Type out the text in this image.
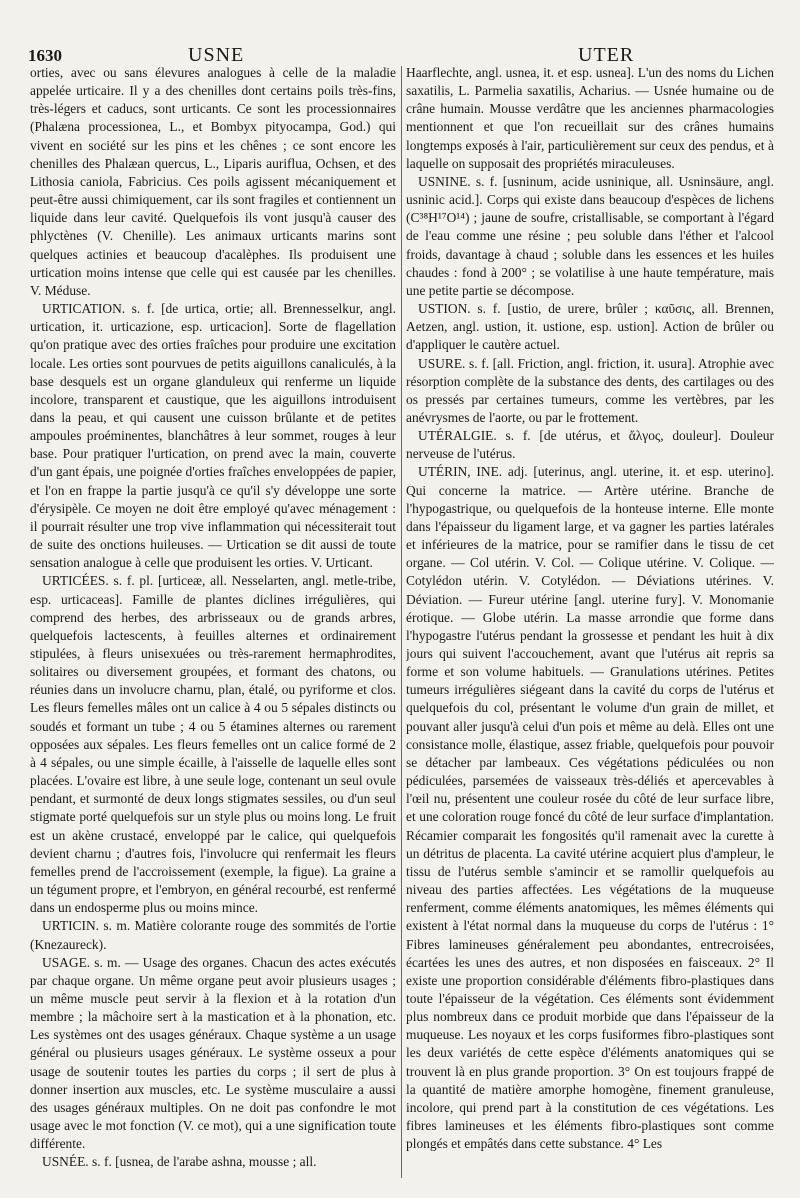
1630	USNE	UTER

orties, avec ou sans élevures analogues à celle de la maladie appelée urticaire. Il y a des chenilles dont certains poils très-fins, très-légers et caducs, sont urticants. Ce sont les processionnaires (Phalæna processionea, L., et Bombyx pityocampa, God.) qui vivent en société sur les pins et les chênes ; ce sont encore les chenilles des Phalæan quercus, L., Liparis auriflua, Ochsen, et des Lithosia caniola, Fabricius. Ces poils agissent mécaniquement et peut-être aussi chimiquement, car ils sont fragiles et contiennent un liquide dans leur cavité. Quelquefois ils vont jusqu'à causer des phlyctènes (V. Chenille). Les animaux urticants marins sont quelques actinies et beaucoup d'acalèphes. Ils produisent une urtication moins intense que celle qui est causée par les chenilles. V. Méduse.

URTICATION. s. f. [de urtica, ortie; all. Brennesselkur, angl. urtication, it. urticazione, esp. urticacion]. Sorte de flagellation qu'on pratique avec des orties fraîches pour produire une excitation locale. Les orties sont pourvues de petits aiguillons canaliculés, à la base desquels est un organe glanduleux qui renferme un liquide incolore, transparent et caustique, que les aiguillons introduisent dans la peau, et qui causent une cuisson brûlante et de petites ampoules proéminentes, blanchâtres à leur sommet, rouges à leur base. Pour pratiquer l'urtication, on prend avec la main, couverte d'un gant épais, une poignée d'orties fraîches enveloppées de papier, et l'on en frappe la partie jusqu'à ce qu'il s'y développe une sorte d'érysipèle. Ce moyen ne doit être employé qu'avec ménagement : il pourrait résulter une trop vive inflammation qui nécessiterait tout de suite des onctions huileuses. — Urtication se dit aussi de toute sensation analogue à celle que produisent les orties. V. Urticant.

URTICÉES. s. f. pl. [urticeæ, all. Nesselarten, angl. metle-tribe, esp. urticaceas]. Famille de plantes diclines irrégulières, qui comprend des herbes, des arbrisseaux ou de grands arbres, quelquefois lactescents, à feuilles alternes et ordinairement stipulées, à fleurs unisexuées ou très-rarement hermaphrodites, solitaires ou diversement groupées, et formant des chatons, ou réunies dans un involucre charnu, plan, étalé, ou pyriforme et clos. Les fleurs femelles mâles ont un calice à 4 ou 5 sépales distincts ou soudés et formant un tube ; 4 ou 5 étamines alternes ou rarement opposées aux sépales. Les fleurs femelles ont un calice formé de 2 à 4 sépales, ou une simple écaille, à l'aisselle de laquelle elles sont placées. L'ovaire est libre, à une seule loge, contenant un seul ovule pendant, et surmonté de deux longs stigmates sessiles, ou d'un seul stigmate porté quelquefois sur un style plus ou moins long. Le fruit est un akène crustacé, enveloppé par le calice, qui quelquefois devient charnu ; d'autres fois, l'involucre qui renfermait les fleurs femelles prend de l'accroissement (exemple, la figue). La graine a un tégument propre, et l'embryon, en général recourbé, est renfermé dans un endosperme plus ou moins mince.

URTICIN. s. m. Matière colorante rouge des sommités de l'ortie (Knezaureck).

USAGE. s. m. — Usage des organes. Chacun des actes exécutés par chaque organe. Un même organe peut avoir plusieurs usages ; un même muscle peut servir à la flexion et à la rotation d'un membre ; la mâchoire sert à la mastication et à la phonation, etc. Les systèmes ont des usages généraux. Chaque système a un usage général ou plusieurs usages généraux. Le système osseux a pour usage de soutenir toutes les parties du corps ; il sert de plus à donner insertion aux muscles, etc. Le système musculaire a aussi des usages généraux multiples. On ne doit pas confondre le mot usage avec le mot fonction (V. ce mot), qui a une signification toute différente.

USNÉE. s. f. [usnea, de l'arabe ashna, mousse ; all.

Haarflechte, angl. usnea, it. et esp. usnea]. L'un des noms du Lichen saxatilis, L. Parmelia saxatilis, Acharius. — Usnée humaine ou de crâne humain. Mousse verdâtre que les anciennes pharmacologies mentionnent et que l'on recueillait sur des crânes humains longtemps exposés à l'air, particulièrement sur ceux des pendus, et à laquelle on supposait des propriétés miraculeuses.

USNINE. s. f. [usninum, acide usninique, all. Usninsäure, angl. usninic acid.]. Corps qui existe dans beaucoup d'espèces de lichens (C³⁸H¹⁷O¹⁴) ; jaune de soufre, cristallisable, se comportant à l'égard de l'eau comme une résine ; peu soluble dans l'éther et l'alcool froids, davantage à chaud ; soluble dans les essences et les huiles chaudes : fond à 200° ; se volatilise à une haute température, mais une petite partie se décompose.

USTION. s. f. [ustio, de urere, brûler ; καῦσις, all. Brennen, Aetzen, angl. ustion, it. ustione, esp. ustion]. Action de brûler ou d'appliquer le cautère actuel.

USURE. s. f. [all. Friction, angl. friction, it. usura]. Atrophie avec résorption complète de la substance des dents, des cartilages ou des os pressés par certaines tumeurs, comme les vertèbres, par les anévrysmes de l'aorte, ou par le frottement.

UTÉRALGIE. s. f. [de utérus, et ἄλγος, douleur]. Douleur nerveuse de l'utérus.

UTÉRIN, INE. adj. [uterinus, angl. uterine, it. et esp. uterino]. Qui concerne la matrice. — Artère utérine. Branche de l'hypogastrique, ou quelquefois de la honteuse interne. Elle monte dans l'épaisseur du ligament large, et va gagner les parties latérales et inférieures de la matrice, pour se ramifier dans le tissu de cet organe. — Col utérin. V. Col. — Colique utérine. V. Colique. — Cotylédon utérin. V. Cotylédon. — Déviations utérines. V. Déviation. — Fureur utérine [angl. uterine fury]. V. Monomanie érotique. — Globe utérin. La masse arrondie que forme dans l'hypogastre l'utérus pendant la grossesse et pendant les huit à dix jours qui suivent l'accouchement, avant que l'utérus ait repris sa forme et son volume habituels. — Granulations utérines. Petites tumeurs irrégulières siégeant dans la cavité du corps de l'utérus et quelquefois du col, présentant le volume d'un grain de millet, et pouvant aller jusqu'à celui d'un pois et même au delà. Elles ont une consistance molle, élastique, assez friable, quelquefois pour pouvoir se détacher par lambeaux. Ces végétations pédiculées ou non pédiculées, parsemées de vaisseaux très-déliés et apercevables à l'œil nu, présentent une couleur rosée du côté de leur surface libre, et une coloration rouge foncé du côté de leur surface d'implantation. Récamier comparait les fongosités qu'il ramenait avec la curette à un détritus de placenta. La cavité utérine acquiert plus d'ampleur, le tissu de l'utérus semble s'amincir et se ramollir quelquefois au niveau des parties affectées. Les végétations de la muqueuse renferment, comme éléments anatomiques, les mêmes éléments qui existent à l'état normal dans la muqueuse du corps de l'utérus : 1° Fibres lamineuses généralement peu abondantes, entrecroisées, écartées les unes des autres, et non disposées en faisceaux. 2° Il existe une proportion considérable d'éléments fibro-plastiques dans toute l'épaisseur de la végétation. Ces éléments sont évidemment plus nombreux dans ce produit morbide que dans l'épaisseur de la muqueuse. Les noyaux et les corps fusiformes fibro-plastiques sont les deux variétés de cette espèce d'éléments anatomiques qui se trouvent là en plus grande proportion. 3° On est toujours frappé de la quantité de matière amorphe homogène, finement granuleuse, incolore, qui prend part à la constitution de ces végétations. Les fibres lamineuses et les éléments fibro-plastiques sont comme plongés et empâtés dans cette substance. 4° Les
